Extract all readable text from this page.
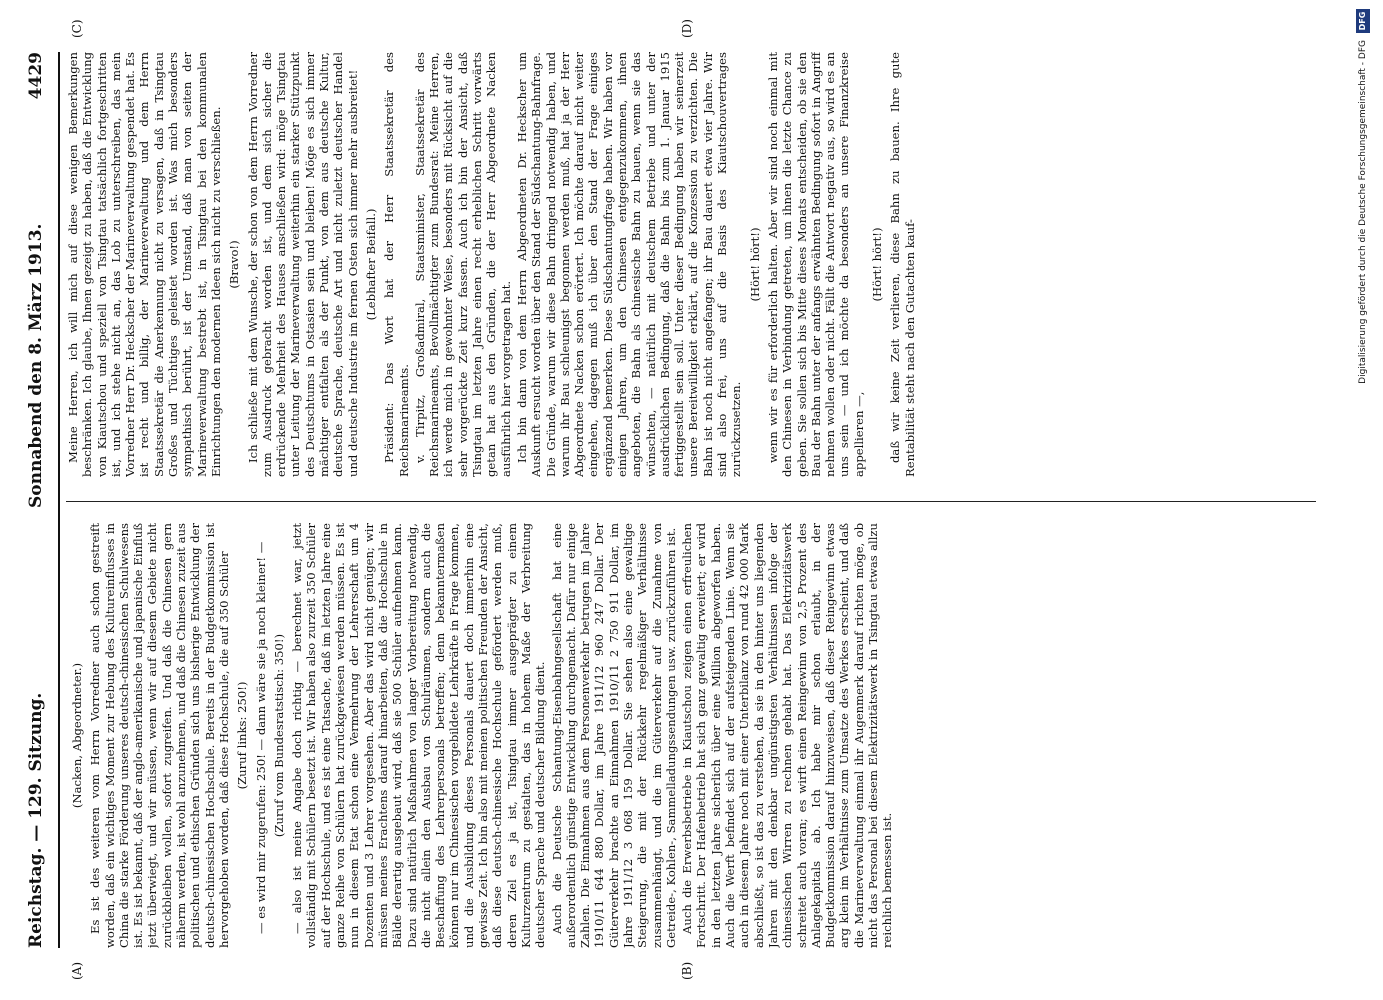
Reichstag. — 129. Sitzung.
Sonnabend den 8. März 1913.
4429

(Nacken, Abgeordneter.) Es ist des weiteren vom Herrn Vorredner auch schon gestreift worden, daß ein wichtiges Moment zur Hebung des Kultureinflusses in China die starke Förderung unseres deutsch-chinesischen Schulwesens ist. Es ist bekannt, daß der anglo-amerikanische und japanische Einfluß jetzt überwiegt, und wir müssen, wenn wir auf diesem Gebiete nicht zurückbleiben wollen, sofort zugreifen. Und daß die Chinesen gern näherm werden, ist wohl anzunehmen, und daß die Chinesen zuzeit aus politischen und ethischen Gründen sich uns bisherige Entwicklung der deutsch-chinesischen Hochschule. Bereits in der Budgetkommission ist hervorgehoben worden, daß diese Hochschule, die auf 350 Schüler (Zuruf links: 250!) — es wird mir zugerufen: 250! — dann wäre sie ja noch kleiner! — (Zuruf vom Bundesratstisch: 350!) — also ist meine Angabe doch richtig — berechnet war, jetzt vollständig mit Schülern besetzt ist. Wir haben also zurzeit 350 Schüler auf der Hochschule, und es ist eine Tatsache, daß im letzten Jahre eine ganze Reihe von Schülern hat zurückgewiesen werden müssen. Es ist nun in diesem Etat schon eine Vermehrung der Lehrerschaft um 4 Dozenten und 3 Lehrer vorgesehen. Aber das wird nicht genügen; wir müssen meines Erachtens darauf hinarbeiten, daß die Hochschule in Bälde derartig ausgebaut wird, daß sie 500 Schüler aufnehmen kann. Dazu sind natürlich Maßnahmen von langer Vorbereitung notwendig, die nicht allein den Ausbau von Schulräumen, sondern auch die Beschaffung des Lehrerpersonals betreffen; denn bekanntermaßen können nur im Chinesischen vorgebildete Lehrkräfte in Frage kommen, und die Ausbildung dieses Personals dauert doch immerhin eine gewisse Zeit. Ich bin also mit meinen politischen Freunden der Ansicht, daß diese deutsch-chinesische Hochschule gefördert werden muß, deren Ziel es ja ist, Tsingtau immer ausgeprägter zu einem Kulturzentrum zu gestalten, das in hohem Maße der Verbreitung deutscher Sprache und deutscher Bildung dient. Auch die Deutsche Schantung-Eisenbahngesellschaft hat eine außerordentlich günstige Entwicklung durchgemacht. Dafür nur einige Zahlen. Die Einnahmen aus dem Personenverkehr betrugen im Jahre 1910/11 644 880 Dollar, im Jahre 1911/12 960 247 Dollar. Der Güterverkehr brachte an Einnahmen 1910/11 2 750 911 Dollar, im Jahre 1911/12 3 068 159 Dollar. Sie sehen also eine gewaltige Steigerung, die mit der Rückkehr regelmäßiger Verhältnisse zusammenhängt, und die im Güterverkehr auf die Zunahme von Getreide-, Kohlen-, Sammelladungssendungen usw. zurückzuführen ist. Auch die Erwerbsbetriebe in Kiautschou zeigen einen erfreulichen Fortschritt. Der Hafenbetrieb hat sich ganz gewaltig erweitert; er wird in den letzten Jahre sicherlich über eine Million abgeworfen haben. Auch die Werft befindet sich auf der aufsteigenden Linie. Wenn sie auch in diesem Jahre noch mit einer Unterbilanz von rund 42 000 Mark abschließt, so ist das zu verstehen, da sie in den hinter uns liegenden Jahren mit den denkbar ungünstigsten Verhältnissen infolge der chinesischen Wirren zu rechnen gehabt hat. Das Elektrizitätswerk schreitet auch voran; es wirft einen Reingewinn von 2,5 Prozent des Anlagekapitals ab. Ich habe mir schon erlaubt, in der Budgetkommission darauf hinzuweisen, daß dieser Reingewinn etwas arg klein im Verhältnisse zum Umsatze des Werkes erscheint, und daß die Marineverwaltung einmal ihr Augenmerk darauf richten möge, ob nicht das Personal bei diesem Elektrizitätswerk in Tsingtau etwas allzu reichlich bemessen ist.

Meine Herren, ich will mich auf diese wenigen Bemerkungen beschränken. Ich glaube, Ihnen gezeigt zu haben, daß die Entwicklung von Kiautschou und speziell von Tsingtau tatsächlich fortgeschritten ist, und ich stehe nicht an, das Lob zu unterschreiben, das mein Vorredner Herr Dr. Heckscher der Marineverwaltung gespendet hat. Es ist recht und billig, der Marineverwaltung und dem Herrn Staatssekretär die Anerkennung nicht zu versagen, daß in Tsingtau Großes und Tüchtiges geleistet worden ist. Was mich besonders sympathisch berührt, ist der Umstand, daß man von seiten der Marineverwaltung bestrebt ist, in Tsingtau bei den kommunalen Einrichtungen den modernen Ideen sich nicht zu verschließen. (Bravo!) Ich schließe mit dem Wunsche, der schon von dem Herrn Vorredner zum Ausdruck gebracht worden ist, und dem sich sicher die erdrückende Mehrheit des Hauses anschließen wird: möge Tsingtau unter Leitung der Marineverwaltung weiterhin ein starker Stützpunkt des Deutschtums in Ostasien sein und bleiben! Möge es sich immer mächtiger entfalten als der Punkt, von dem aus deutsche Kultur, deutsche Sprache, deutsche Art und nicht zuletzt deutscher Handel und deutsche Industrie im fernen Osten sich immer mehr ausbreitet! (Lebhafter Beifall.) Präsident: Das Wort hat der Herr Staatssekretär des Reichsmarineamts. v. Tirpitz, Großadmiral, Staatsminister, Staatssekretär des Reichsmarineamts, Bevollmächtigter zum Bundesrat: Meine Herren, ich werde mich in gewohnter Weise, besonders mit Rücksicht auf die sehr vorgerückte Zeit kurz fassen. Auch ich bin der Ansicht, daß Tsingtau im letzten Jahre einen recht erheblichen Schritt vorwärts getan hat aus den Gründen, die der Herr Abgeordnete Nacken ausführlich hier vorgetragen hat. Ich bin dann von dem Herrn Abgeordneten Dr. Heckscher um Auskunft ersucht worden über den Stand der Südschantung-Bahnfrage. Die Gründe, warum wir diese Bahn dringend notwendig haben, und warum ihr Bau schleunigst begonnen werden muß, hat ja der Herr Abgeordnete Nacken schon erörtert. Ich möchte darauf nicht weiter eingehen, dagegen muß ich über den Stand der Frage einiges ergänzend bemerken. Diese Südschantungfrage haben. Wir haben vor einigen Jahren, um den Chinesen entgegenzukommen, ihnen angeboten, die Bahn als chinesische Bahn zu bauen, wenn sie das wünschten, — natürlich mit deutschem Betriebe und unter der ausdrücklichen Bedingung, daß die Bahn bis zum 1. Januar 1915 fertiggestellt sein soll. Unter dieser Bedingung haben wir seinerzeit unsere Bereitwilligkeit erklärt, auf die Konzession zu verzichten. Die Bahn ist noch nicht angefangen; ihr Bau dauert etwa vier Jahre. Wir sind also frei, uns auf die Basis des Kiautschouvertrages zurückzusetzen.

(Hört! hört!) wenn wir es für erforderlich halten. Aber wir sind noch einmal mit den Chinesen in Verbindung getreten, um ihnen die letzte Chance zu geben. Sie sollen sich bis Mitte dieses Monats entscheiden, ob sie den Bau der Bahn unter der anfangs erwähnten Bedingung sofort in Angriff nehmen wollen oder nicht. Fällt die Antwort negativ aus, so wird es an uns sein — und ich möchte da besonders an unsere Finanzkreise appellieren —,

(Hört! hört!) daß wir keine Zeit verlieren, diese Bahn zu bauen. Ihre gute Rentabilität steht nach den Gutachten kauf-

(A)	(B)
(C)	(D)
Digitalisierung gefördert durch die Deutsche Forschungsgemeinschaft - DFG
DFG
